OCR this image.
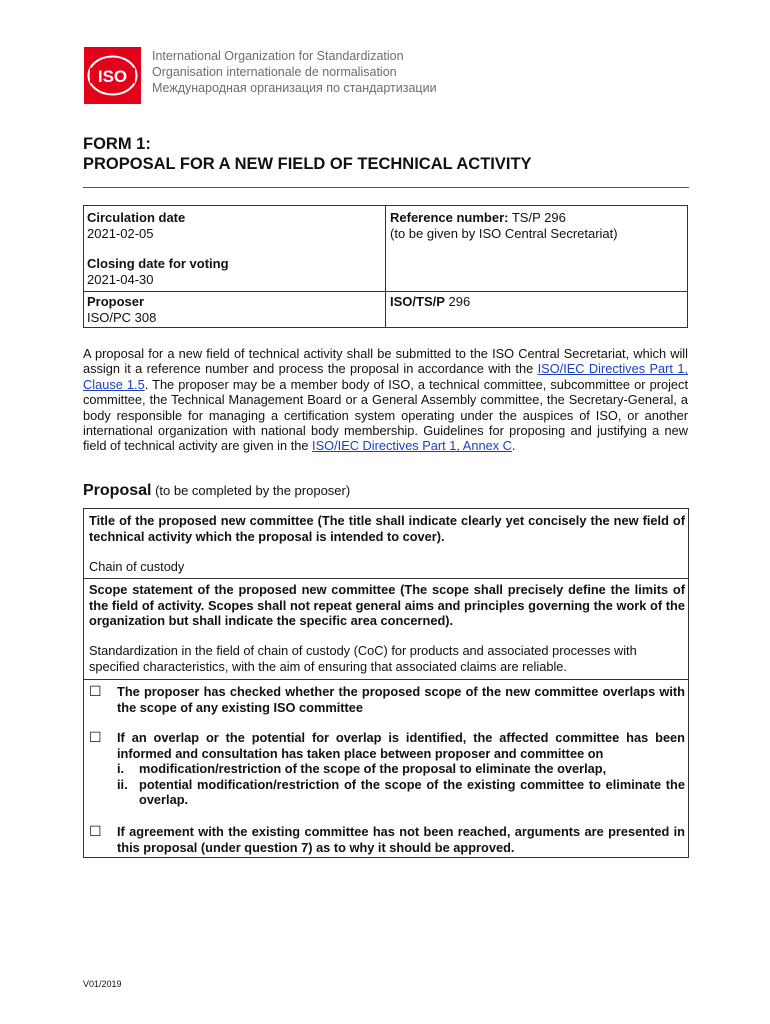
ISO
International Organization for Standardization
Organisation internationale de normalisation
Международная организация по стандартизации
FORM 1:
PROPOSAL FOR A NEW FIELD OF TECHNICAL ACTIVITY
Circulation date
2021-02-05
Closing date for voting
2021-04-30
Proposer
ISO/PC 308
Reference number: TS/P 296
(to be given by ISO Central Secretariat)
ISO/TS/P 296
A proposal for a new field of technical activity shall be submitted to the ISO Central Secretariat, which will assign it a reference number and process the proposal in accordance with the ISO/IEC Directives Part 1, Clause 1.5. The proposer may be a member body of ISO, a technical committee, subcommittee or project committee, the Technical Management Board or a General Assembly committee, the Secretary-General, a body responsible for managing a certification system operating under the auspices of ISO, or another international organization with national body membership. Guidelines for proposing and justifying a new field of technical activity are given in the ISO/IEC Directives Part 1, Annex C.
Proposal (to be completed by the proposer)
Title of the proposed new committee (The title shall indicate clearly yet concisely the new field of technical activity which the proposal is intended to cover).
Chain of custody
Scope statement of the proposed new committee (The scope shall precisely define the limits of the field of activity. Scopes shall not repeat general aims and principles governing the work of the organization but shall indicate the specific area concerned).
Standardization in the field of chain of custody (CoC) for products and associated processes with specified characteristics, with the aim of ensuring that associated claims are reliable.
☐ The proposer has checked whether the proposed scope of the new committee overlaps with the scope of any existing ISO committee
☐ If an overlap or the potential for overlap is identified, the affected committee has been informed and consultation has taken place between proposer and committee on
i. modification/restriction of the scope of the proposal to eliminate the overlap,
ii. potential modification/restriction of the scope of the existing committee to eliminate the overlap.
☐ If agreement with the existing committee has not been reached, arguments are presented in this proposal (under question 7) as to why it should be approved.
V01/2019
